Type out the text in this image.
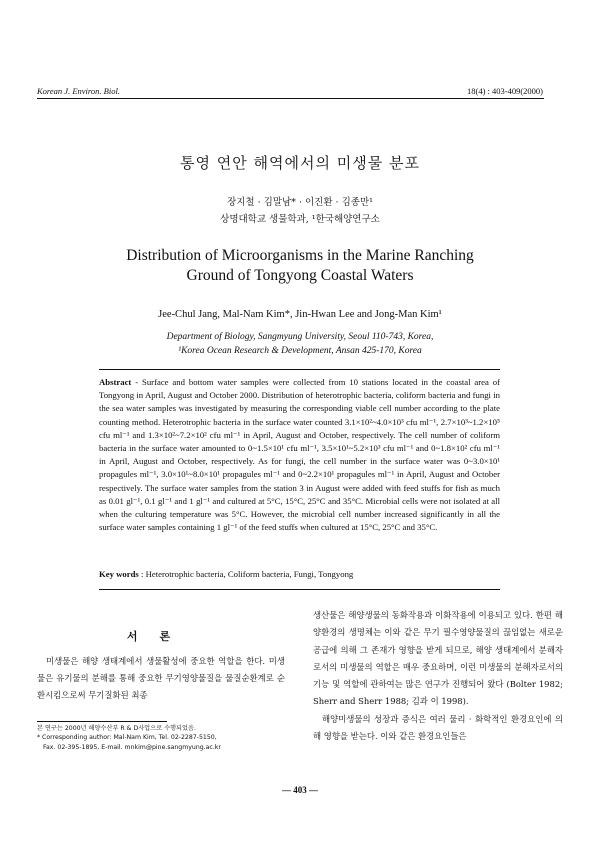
Korean J. Environ. Biol.	18(4) : 403-409(2000)
통영 연안 해역에서의 미생물 분포
장지철 · 김말남* · 이진환 · 김종만¹
상명대학교 생물학과, ¹한국해양연구소
Distribution of Microorganisms in the Marine Ranching
Ground of Tongyong Coastal Waters
Jee-Chul Jang, Mal-Nam Kim*, Jin-Hwan Lee and Jong-Man Kim¹
Department of Biology, Sangmyung University, Seoul 110-743, Korea,
¹Korea Ocean Research & Development, Ansan 425-170, Korea
Abstract - Surface and bottom water samples were collected from 10 stations located in the coastal area of Tongyong in April, August and October 2000. Distribution of heterotrophic bacteria, coliform bacteria and fungi in the sea water samples was investigated by measuring the corresponding viable cell number according to the plate counting method. Heterotrophic bacteria in the surface water counted 3.1×10²~4.0×10³ cfu ml⁻¹, 2.7×10³~1.2×10⁵ cfu ml⁻¹ and 1.3×10²~7.2×10² cfu ml⁻¹ in April, August and October, respectively. The cell number of coliform bacteria in the surface water amounted to 0~1.5×10¹ cfu ml⁻¹, 3.5×10¹~5.2×10³ cfu ml⁻¹ and 0~1.8×10² cfu ml⁻¹ in April, August and October, respectively. As for fungi, the cell number in the surface water was 0~3.0×10¹ propagules ml⁻¹, 3.0×10¹~8.0×10¹ propagules ml⁻¹ and 0~2.2×10¹ propagules ml⁻¹ in April, August and October respectively. The surface water samples from the station 3 in August were added with feed stuffs for fish as much as 0.01 gl⁻¹, 0.1 gl⁻¹ and 1 gl⁻¹ and cultured at 5°C, 15°C, 25°C and 35°C. Microbial cells were not isolated at all when the culturing temperature was 5°C. However, the microbial cell number increased significantly in all the surface water samples containing 1 gl⁻¹ of the feed stuffs when cultured at 15°C, 25°C and 35°C.
Key words : Heterotrophic bacteria, Coliform bacteria, Fungi, Tongyong
서론

미생물은 해양 생태계에서 생물활성에 중요한 역할을 한다. 미생물은 유기물의 분해를 통해 중요한 무기영양물질을 물질순환계로 순환시킴으로써 무기질화된 최종

본 연구는 2000년 해양수산부 R & D사업으로 수행되었음.
* Corresponding author: Mal-Nam Kim, Tel. 02-2287-5150,
Fax. 02-395-1895, E-mail. mnkim@pine.sangmyung.ac.kr

생산물은 해양생물의 동화작용과 이화작용에 이용되고 있다. 한편 해양환경의 생명체는 이와 같은 무기 필수영양물질의 끊임없는 새로운 공급에 의해 그 존재가 영향을 받게 되므로, 해양 생태계에서 분해자로서의 미생물의 역할은 매우 중요하며, 이런 미생물의 분해자로서의 기능 및 역할에 관하여는 많은 연구가 진행되어 왔다 (Bolter 1982; Sherr and Sherr 1988; 김과 이 1998).

해양미생물의 성장과 증식은 여러 물리 · 화학적인 환경요인에 의해 영향을 받는다. 이와 같은 환경요인들은

— 403 —
